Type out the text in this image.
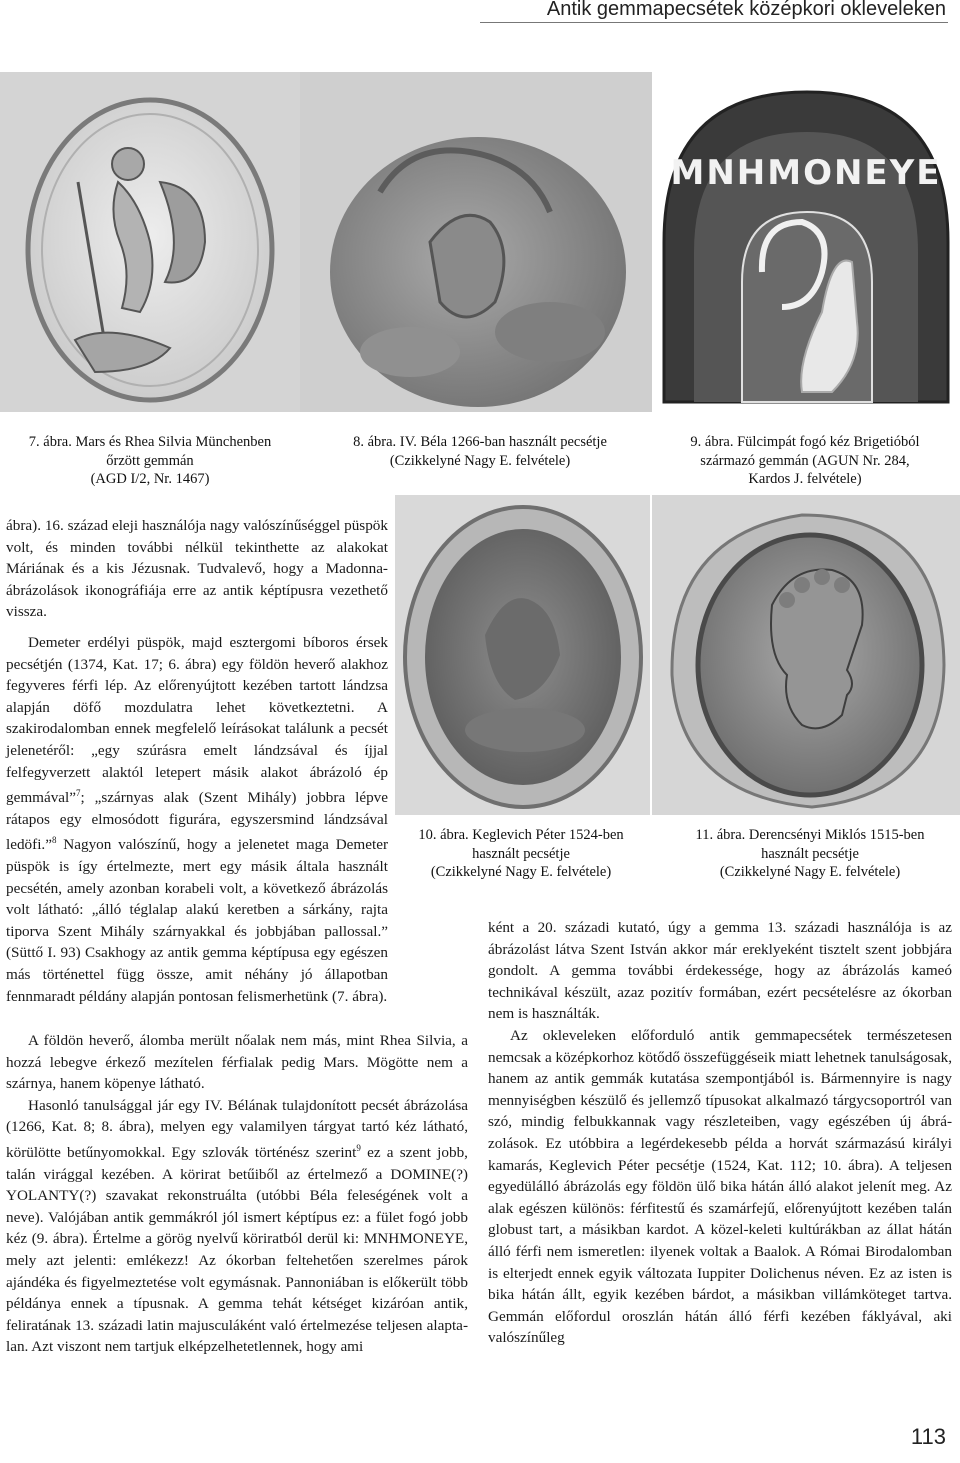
Antik gemmapecsétek középkori okleveleken
MNHMONEYE
7. ábra. Mars és Rhea Silvia Münchenben
őrzött gemmán
(AGD I/2, Nr. 1467)
8. ábra. IV. Béla 1266-ban használt pecsétje
(Czikkelyné Nagy E. felvétele)
9. ábra. Fülcimpát fogó kéz Brigetióból
származó gemmán (AGUN Nr. 284,
Kardos J. felvétele)
10. ábra. Keglevich Péter 1524-ben
használt pecsétje
(Czikkelyné Nagy E. felvétele)
11. ábra. Derencsényi Miklós 1515-ben
használt pecsétje
(Czikkelyné Nagy E. felvétele)

ábra). 16. század eleji használója nagy valószínűséggel püspök volt, és minden további nélkül tekinthette az alakokat Máriának és a kis Jézusnak. Tudvalevő, hogy a Madonna-ábrázolások ikonográfiája erre az antik képtípusra vezethető vissza.

Demeter erdélyi püspök, majd esztergomi bíboros érsek pecsétjén (1374, Kat. 17; 6. ábra) egy földön heverő alakhoz fegyveres férfi lép. Az előrenyújtott kezében tartott lándzsa alapján döfő mozdulatra lehet következtetni. A szakirodalomban ennek megfelelő leírásokat találunk a pecsét jelenetéről: „egy szúrásra emelt lándzsával és íjjal felfegyverzett alaktól letepert másik alakot ábrázoló ép gemmával”$^7$; „szárnyas alak (Szent Mihály) jobbra lépve rátapos egy elmosódott figurára, egyszersmind lándzsával ledöfi.”$^8$ Nagyon valószínű, hogy a jelenetet maga Demeter püspök is így értelmezte, mert egy másik általa használt pecsétén, amely azonban korabeli volt, a következő ábrázolás volt látható: „álló téglalap alakú keretben a sárkány, rajta tiporva Szent Mihály szárnyakkal és jobbjában pallossal.” (Süttő I. 93) Csakhogy az antik gemma képtípusa egy egészen más történettel függ össze, amit néhány jó állapotban fennmaradt példány alapján pontosan felismerhetünk (7. ábra).

A földön heverő, álomba merült nőalak nem más, mint Rhea Silvia, a hozzá lebegve érkező mezítelen férfialak pedig Mars. Mögötte nem a szárnya, hanem köpenye látható.

Hasonló tanulsággal jár egy IV. Bélának tulajdonított pecsét ábrázolása (1266, Kat. 8; 8. ábra), melyen egy valamilyen tárgyat tartó kéz látható, körülötte betűnyomokkal. Egy szlovák történész szerint$^9$ ez a szent jobb, talán virággal kezében. A körirat betűiből az értelmező a DOMINE(?) YOLANTY(?) szavakat rekonstruálta (utóbbi Béla feleségének volt a neve). Valójában antik gemmákról jól ismert képtípus ez: a fület fogó jobb kéz (9. ábra). Értelme a görög nyelvű köriratból derül ki: MNHMONEYE, mely azt jelenti: emlékezz! Az ókorban feltehetően szerelmes párok ajándéka és figyelmeztetése volt egymásnak. Pannoniában is előkerült több példánya ennek a típusnak. A gemma tehát kétséget kizáróan antik, feliratának 13. századi latin majusculáként való értelmezése teljesen alaptalan. Azt viszont nem tartjuk elképzelhetetlennek, hogy ami

ként a 20. századi kutató, úgy a gemma 13. századi használója is az ábrázolást látva Szent István akkor már ereklyeként tisztelt szent jobbjára gondolt. A gemma további érdekessége, hogy az ábrázolás kameó technikával készült, azaz pozitív formában, ezért pecsételésre az ókorban nem is használták.

Az okleveleken előforduló antik gemmapecsétek természetesen nemcsak a középkorhoz kötődő összefüggéseik miatt lehetnek tanulságosak, hanem az antik gemmák kutatása szempontjából is. Bármennyire is nagy mennyiségben készülő és jellemző típusokat alkalmazó tárgycsoportról van szó, mindig felbukkannak vagy részleteiben, vagy egészében új ábrázolások. Ez utóbbira a legérdekesebb példa a horvát származású királyi kamarás, Keglevich Péter pecsétje (1524, Kat. 112; 10. ábra). A teljesen egyedülálló ábrázolás egy földön ülő bika hátán álló alakot jelenít meg. Az alak egészen különös: férfitestű és szamárfejű, előrenyújtott kezében talán globust tart, a másikban kardot. A közel-keleti kultúrákban az állat hátán álló férfi nem ismeretlen: ilyenek voltak a Baalok. A Római Birodalomban is elterjedt ennek egyik változata Iuppiter Dolichenus néven. Ez az isten is bika hátán állt, egyik kezében bárdot, a másikban villámköteget tartva. Gemmán előfordul oroszlán hátán álló férfi kezében fáklyával, aki valószínűleg

113
